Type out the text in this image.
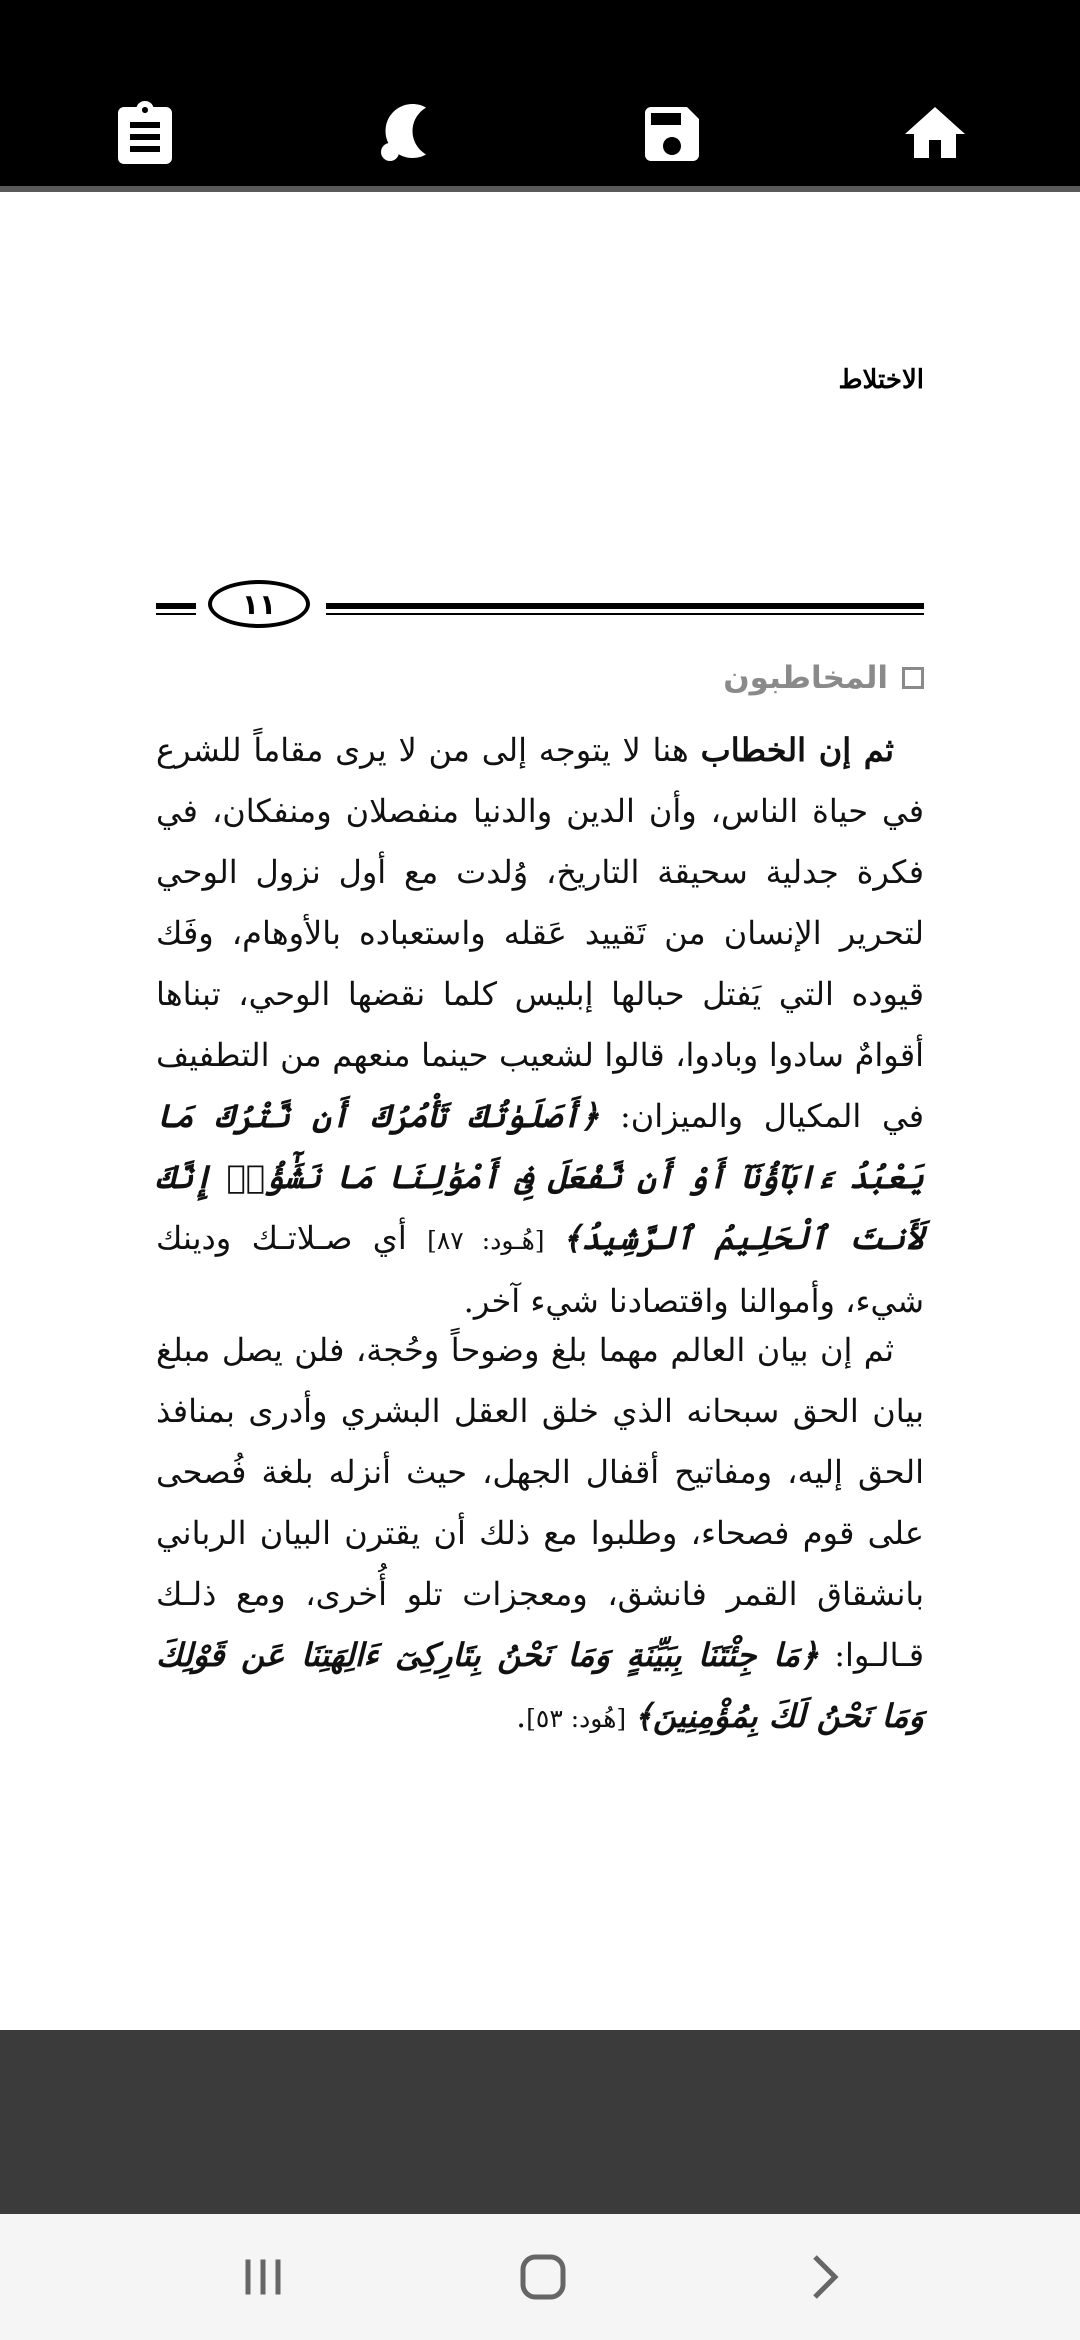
الاختلاط
١١
المخاطبون
ثم إن الخطاب هنا لا يتوجه إلى من لا يرى مقاماً للشرع في حياة الناس، وأن الدين والدنيا منفصلان ومنفكان، في فكرة جدلية سحيقة التاريخ، وُلدت مع أول نزول الوحي لتحرير الإنسان من تَقييد عَقله واستعباده بالأوهام، وفَك قيوده التي يَفتل حبالها إبليس كلما نقضها الوحي، تبناها أقوامٌ سادوا وبادوا، قالوا لشعيب حينما منعهم من التطفيف في المكيال والميزان: ﴿أَصَلَوٰتُكَ تَأْمُرُكَ أَن نَّتْرُكَ مَا يَعْبُدُ ءَابَآؤُنَآ أَوْ أَن نَّفْعَلَ فِىٓ أَمْوَٰلِنَا مَا نَشَٰٓؤُا۟ إِنَّكَ لَأَنتَ ٱلْحَلِيمُ ٱلرَّشِيدُ﴾ [هُـود: ٨٧] أي صـلاتـك ودينك شيء، وأموالنا واقتصادنا شيء آخر.
ثم إن بيان العالم مهما بلغ وضوحاً وحُجة، فلن يصل مبلغ بيان الحق سبحانه الذي خلق العقل البشري وأدرى بمنافذ الحق إليه، ومفاتيح أقفال الجهل، حيث أنزله بلغة فُصحى على قوم فصحاء، وطلبوا مع ذلك أن يقترن البيان الرباني بانشقاق القمر فانشق، ومعجزات تلو أُخرى، ومع ذلـك قـالـوا: ﴿مَا جِئْتَنَا بِبَيِّنَةٍ وَمَا نَحْنُ بِتَارِكِىٓ ءَالِهَتِنَا عَن قَوْلِكَ وَمَا نَحْنُ لَكَ بِمُؤْمِنِينَ﴾ [هُود: ٥٣].
